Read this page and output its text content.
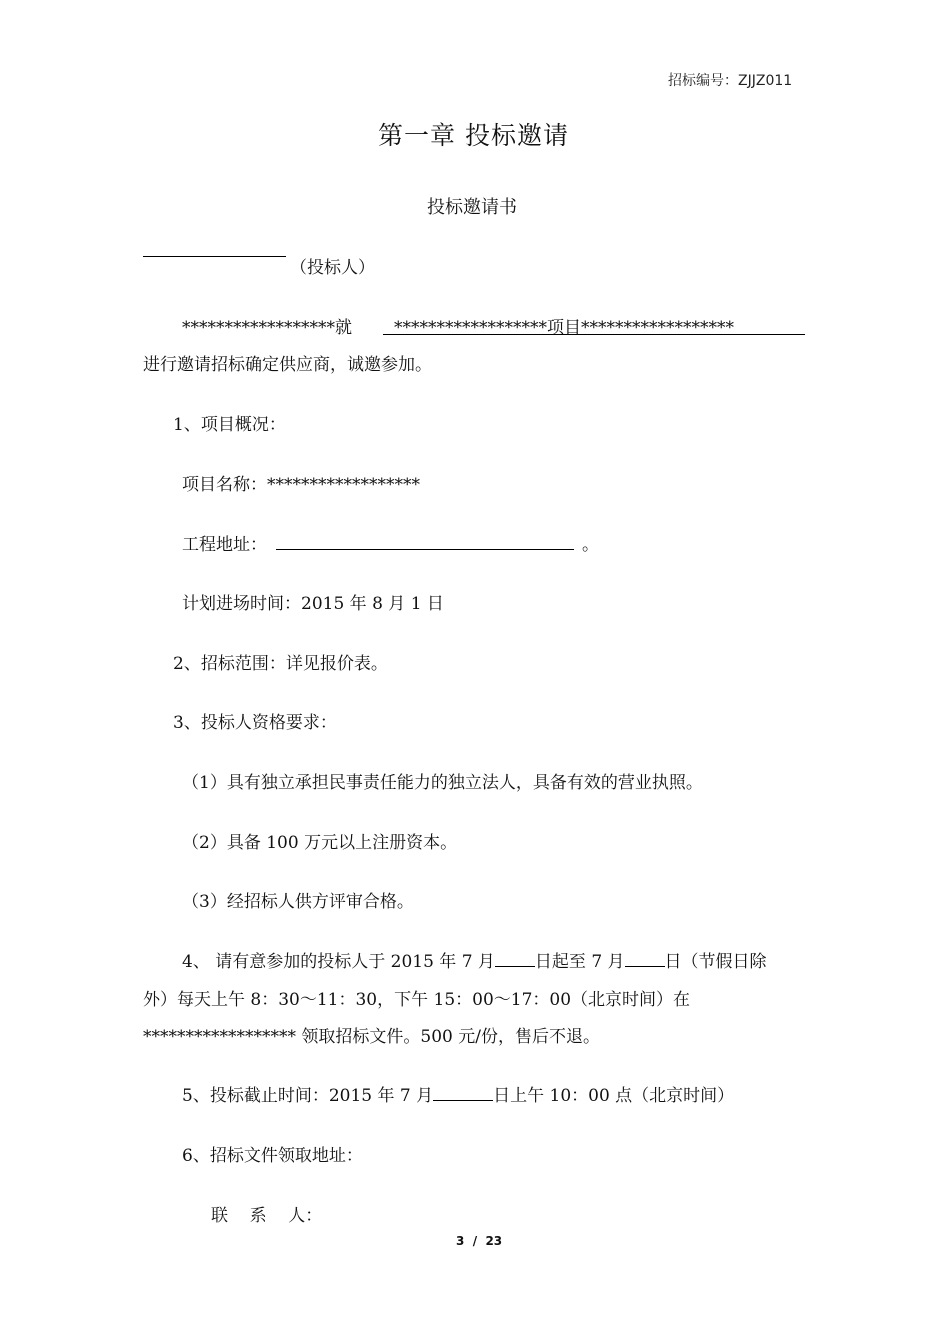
招标编号：ZJJZ011
第一章 投标邀请
投标邀请书
（投标人）
******************就 ******************项目******************
进行邀请招标确定供应商，诚邀参加。
1、项目概况：
项目名称：******************
工程地址：	。
计划进场时间：2015 年 8 月 1 日
2、招标范围：详见报价表。
3、投标人资格要求：
（1）具有独立承担民事责任能力的独立法人，具备有效的营业执照。
（2）具备 100 万元以上注册资本。
（3）经招标人供方评审合格。
4、 请有意参加的投标人于 2015 年 7 月 日起至 7 月 日（节假日除
外）每天上午 8：30～11：30，下午 15：00～17：00（北京时间）在
****************** 领取招标文件。500 元/份，售后不退。
5、投标截止时间：2015 年 7 月	日上午 10：00 点（北京时间）
6、招标文件领取地址：
联    系    人：
3  /  23
